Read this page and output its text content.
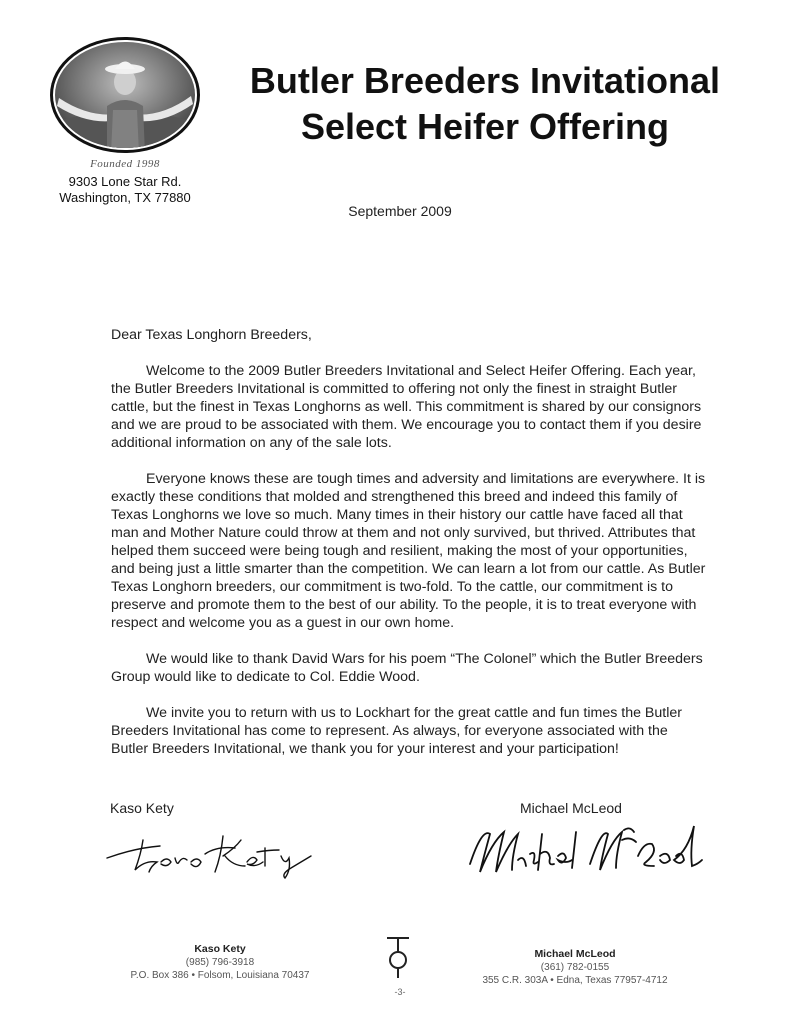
Founded 1998
9303 Lone Star Rd.
Washington, TX 77880
Butler Breeders Invitational
Select Heifer Offering
September 2009

Dear Texas Longhorn Breeders,

Welcome to the 2009 Butler Breeders Invitational and Select Heifer Offering. Each year, the Butler Breeders Invitational is committed to offering not only the finest in straight Butler cattle, but the finest in Texas Longhorns as well. This commitment is shared by our consignors and we are proud to be associated with them. We encourage you to contact them if you desire additional information on any of the sale lots.

Everyone knows these are tough times and adversity and limitations are everywhere. It is exactly these conditions that molded and strengthened this breed and indeed this family of Texas Longhorns we love so much. Many times in their history our cattle have faced all that man and Mother Nature could throw at them and not only survived, but thrived. Attributes that helped them succeed were being tough and resilient, making the most of your opportunities, and being just a little smarter than the competition. We can learn a lot from our cattle. As Butler Texas Longhorn breeders, our commitment is two-fold. To the cattle, our commitment is to preserve and promote them to the best of our ability. To the people, it is to treat everyone with respect and welcome you as a guest in our own home.

We would like to thank David Wars for his poem “The Colonel” which the Butler Breeders Group would like to dedicate to Col. Eddie Wood.

We invite you to return with us to Lockhart for the great cattle and fun times the Butler Breeders Invitational has come to represent. As always, for everyone associated with the Butler Breeders Invitational, we thank you for your interest and your participation!

Kaso Kety	Michael McLeod
Kaso Kety
(985) 796-3918
P.O. Box 386 • Folsom, Louisiana 70437
Michael McLeod
(361) 782-0155
355 C.R. 303A • Edna, Texas 77957-4712
-3-
